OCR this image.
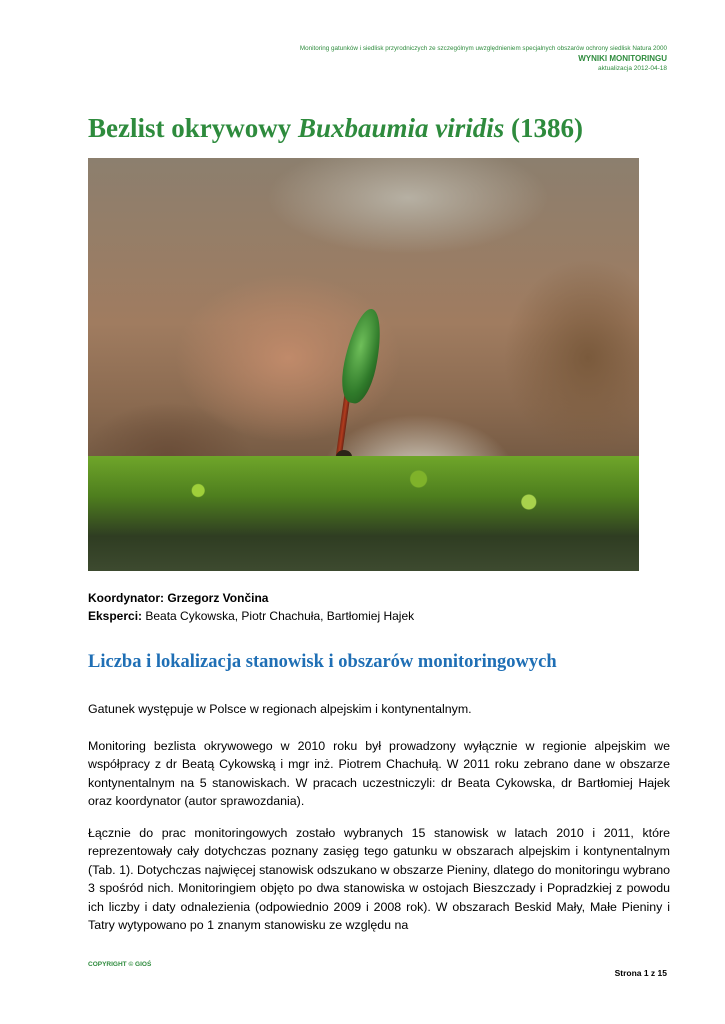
Monitoring gatunków i siedlisk przyrodniczych ze szczególnym uwzględnieniem specjalnych obszarów ochrony siedlisk Natura 2000
WYNIKI MONITORINGU
aktualizacja 2012-04-18
Bezlist okrywowy Buxbaumia viridis (1386)
Koordynator: Grzegorz Vončina
Eksperci: Beata Cykowska, Piotr Chachuła, Bartłomiej Hajek
Liczba i lokalizacja stanowisk i obszarów monitoringowych

Gatunek występuje w Polsce w regionach alpejskim i kontynentalnym.

Monitoring bezlista okrywowego w 2010 roku był prowadzony wyłącznie w regionie alpejskim we współpracy z dr Beatą Cykowską i mgr inż. Piotrem Chachułą. W 2011 roku zebrano dane w obszarze kontynentalnym na 5 stanowiskach. W pracach uczestniczyli: dr Beata Cykowska, dr Bartłomiej Hajek oraz koordynator (autor sprawozdania).

Łącznie do prac monitoringowych zostało wybranych 15 stanowisk w latach 2010 i 2011, które reprezentowały cały dotychczas poznany zasięg tego gatunku w obszarach alpejskim i kontynentalnym (Tab. 1). Dotychczas najwięcej stanowisk odszukano w obszarze Pieniny, dlatego do monitoringu wybrano 3 spośród nich. Monitoringiem objęto po dwa stanowiska w ostojach Bieszczady i Popradzkiej z powodu ich liczby i daty odnalezienia (odpowiednio 2009 i 2008 rok). W obszarach Beskid Mały, Małe Pieniny i Tatry wytypowano po 1 znanym stanowisku ze względu na

COPYRIGHT © GIOŚ
Strona 1 z 15
